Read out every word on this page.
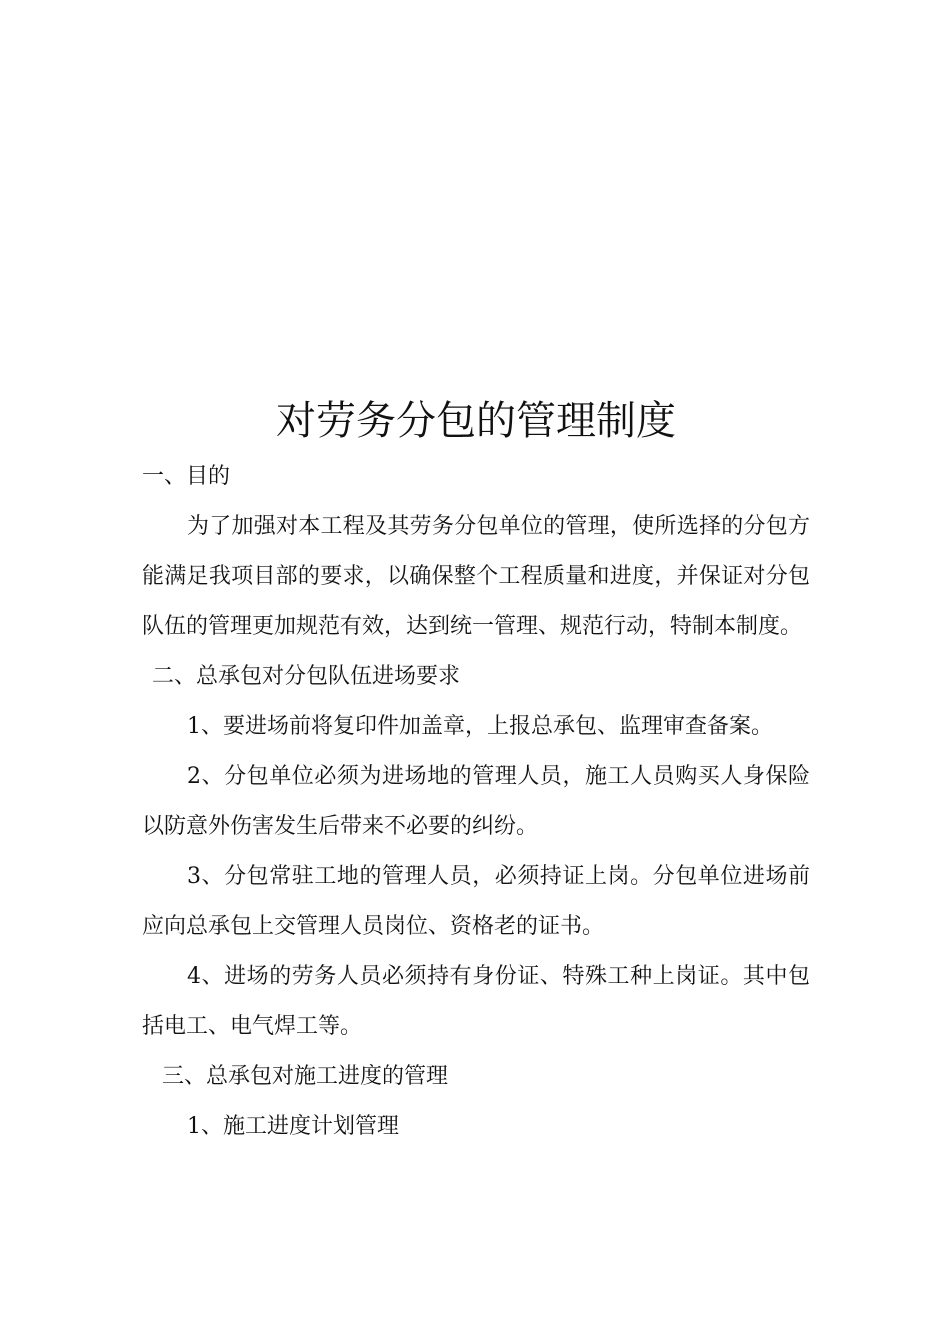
对劳务分包的管理制度
一、目的

为了加强对本工程及其劳务分包单位的管理，使所选择的分包方能满足我项目部的要求，以确保整个工程质量和进度，并保证对分包队伍的管理更加规范有效，达到统一管理、规范行动，特制本制度。

二、总承包对分包队伍进场要求

1、要进场前将复印件加盖章，上报总承包、监理审查备案。

2、分包单位必须为进场地的管理人员，施工人员购买人身保险以防意外伤害发生后带来不必要的纠纷。

3、分包常驻工地的管理人员，必须持证上岗。分包单位进场前应向总承包上交管理人员岗位、资格老的证书。

4、进场的劳务人员必须持有身份证、特殊工种上岗证。其中包括电工、电气焊工等。

三、总承包对施工进度的管理
1、施工进度计划管理
